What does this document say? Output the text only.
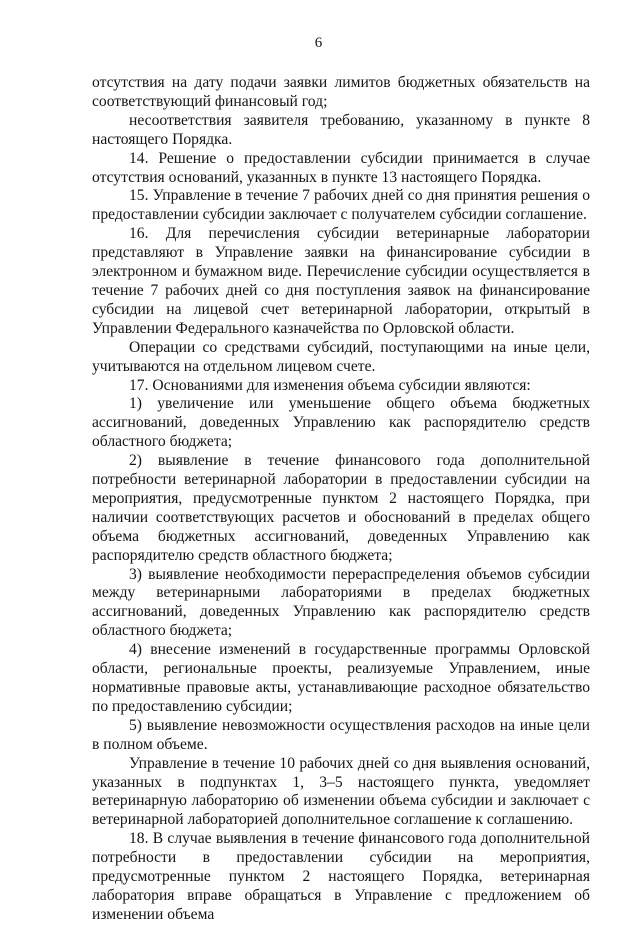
6

отсутствия на дату подачи заявки лимитов бюджетных обязательств на соответствующий финансовый год;

несоответствия заявителя требованию, указанному в пункте 8 настоящего Порядка.

14. Решение о предоставлении субсидии принимается в случае отсутствия оснований, указанных в пункте 13 настоящего Порядка.

15. Управление в течение 7 рабочих дней со дня принятия решения о предоставлении субсидии заключает с получателем субсидии соглашение.

16. Для перечисления субсидии ветеринарные лаборатории представляют в Управление заявки на финансирование субсидии в электронном и бумажном виде. Перечисление субсидии осуществляется в течение 7 рабочих дней со дня поступления заявок на финансирование субсидии на лицевой счет ветеринарной лаборатории, открытый в Управлении Федерального казначейства по Орловской области.

Операции со средствами субсидий, поступающими на иные цели, учитываются на отдельном лицевом счете.

17. Основаниями для изменения объема субсидии являются:

1) увеличение или уменьшение общего объема бюджетных ассигнований, доведенных Управлению как распорядителю средств областного бюджета;

2) выявление в течение финансового года дополнительной потребности ветеринарной лаборатории в предоставлении субсидии на мероприятия, предусмотренные пунктом 2 настоящего Порядка, при наличии соответствующих расчетов и обоснований в пределах общего объема бюджетных ассигнований, доведенных Управлению как распорядителю средств областного бюджета;

3) выявление необходимости перераспределения объемов субсидии между ветеринарными лабораториями в пределах бюджетных ассигнований, доведенных Управлению как распорядителю средств областного бюджета;

4) внесение изменений в государственные программы Орловской области, региональные проекты, реализуемые Управлением, иные нормативные правовые акты, устанавливающие расходное обязательство по предоставлению субсидии;

5) выявление невозможности осуществления расходов на иные цели в полном объеме.

Управление в течение 10 рабочих дней со дня выявления оснований, указанных в подпунктах 1, 3–5 настоящего пункта, уведомляет ветеринарную лабораторию об изменении объема субсидии и заключает с ветеринарной лабораторией дополнительное соглашение к соглашению.

18. В случае выявления в течение финансового года дополнительной потребности в предоставлении субсидии на мероприятия, предусмотренные пунктом 2 настоящего Порядка, ветеринарная лаборатория вправе обращаться в Управление с предложением об изменении объема
